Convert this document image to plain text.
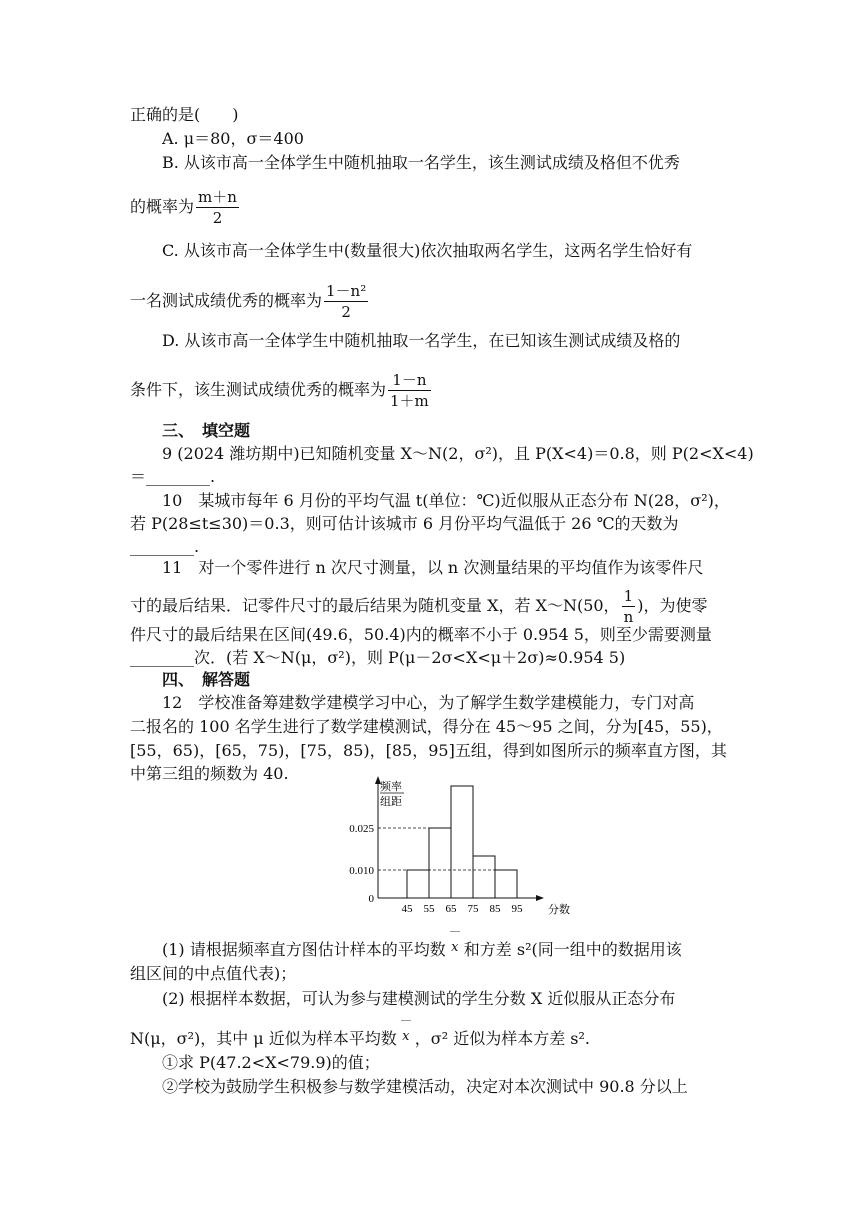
正确的是(　　)
A. μ＝80，σ＝400
B. 从该市高一全体学生中随机抽取一名学生，该生测试成绩及格但不优秀
的概率为 $\frac{m+n}{2}$
C. 从该市高一全体学生中(数量很大)依次抽取两名学生，这两名学生恰好有
一名测试成绩优秀的概率为 $\frac{\text{1－n²}}{2}$
D. 从该市高一全体学生中随机抽取一名学生，在已知该生测试成绩及格的
条件下，该生测试成绩优秀的概率为 $\frac{1-n}{1+m}$
三、　填空题
9 (2024 潍坊期中)已知随机变量 X～N(2，σ²)，且 P(X<4)＝0.8，则 P(2<X<4)
＝________.
10　某城市每年 6 月份的平均气温 t(单位：℃)近似服从正态分布 N(28，σ²)，
若 P(28≤t≤30)＝0.3，则可估计该城市 6 月份平均气温低于 26 ℃的天数为
________.
11　对一个零件进行 n 次尺寸测量，以 n 次测量结果的平均值作为该零件尺
寸的最后结果．记零件尺寸的最后结果为随机变量 X，若 X～N(50， $\frac{1}{n}$ )，为使零
件尺寸的最后结果在区间(49.6，50.4)内的概率不小于 0.954 5，则至少需要测量
________次．(若 X～N(μ，σ²)，则 P(μ－2σ<X<μ＋2σ)≈0.954 5)
四、　解答题
12　学校准备筹建数学建模学习中心，为了解学生数学建模能力，专门对高
二报名的 100 名学生进行了数学建模测试，得分在 45～95 之间，分为[45，55)，
[55，65)，[65，75)，[75，85)，[85，95]五组，得到如图所示的频率直方图，其
中第三组的频数为 40.
频率
组距
0
0.010
0.025
45 55 65 75 85 95 分数
(1) 请根据频率直方图估计样本的平均数 x 和方差 s²(同一组中的数据用该
组区间的中点值代表)；
(2) 根据样本数据，可认为参与建模测试的学生分数 X 近似服从正态分布
N(μ，σ²)，其中 μ 近似为样本平均数 x ，σ² 近似为样本方差 s².
①求 P(47.2<X<79.9)的值；
②学校为鼓励学生积极参与数学建模活动，决定对本次测试中 90.8 分以上
